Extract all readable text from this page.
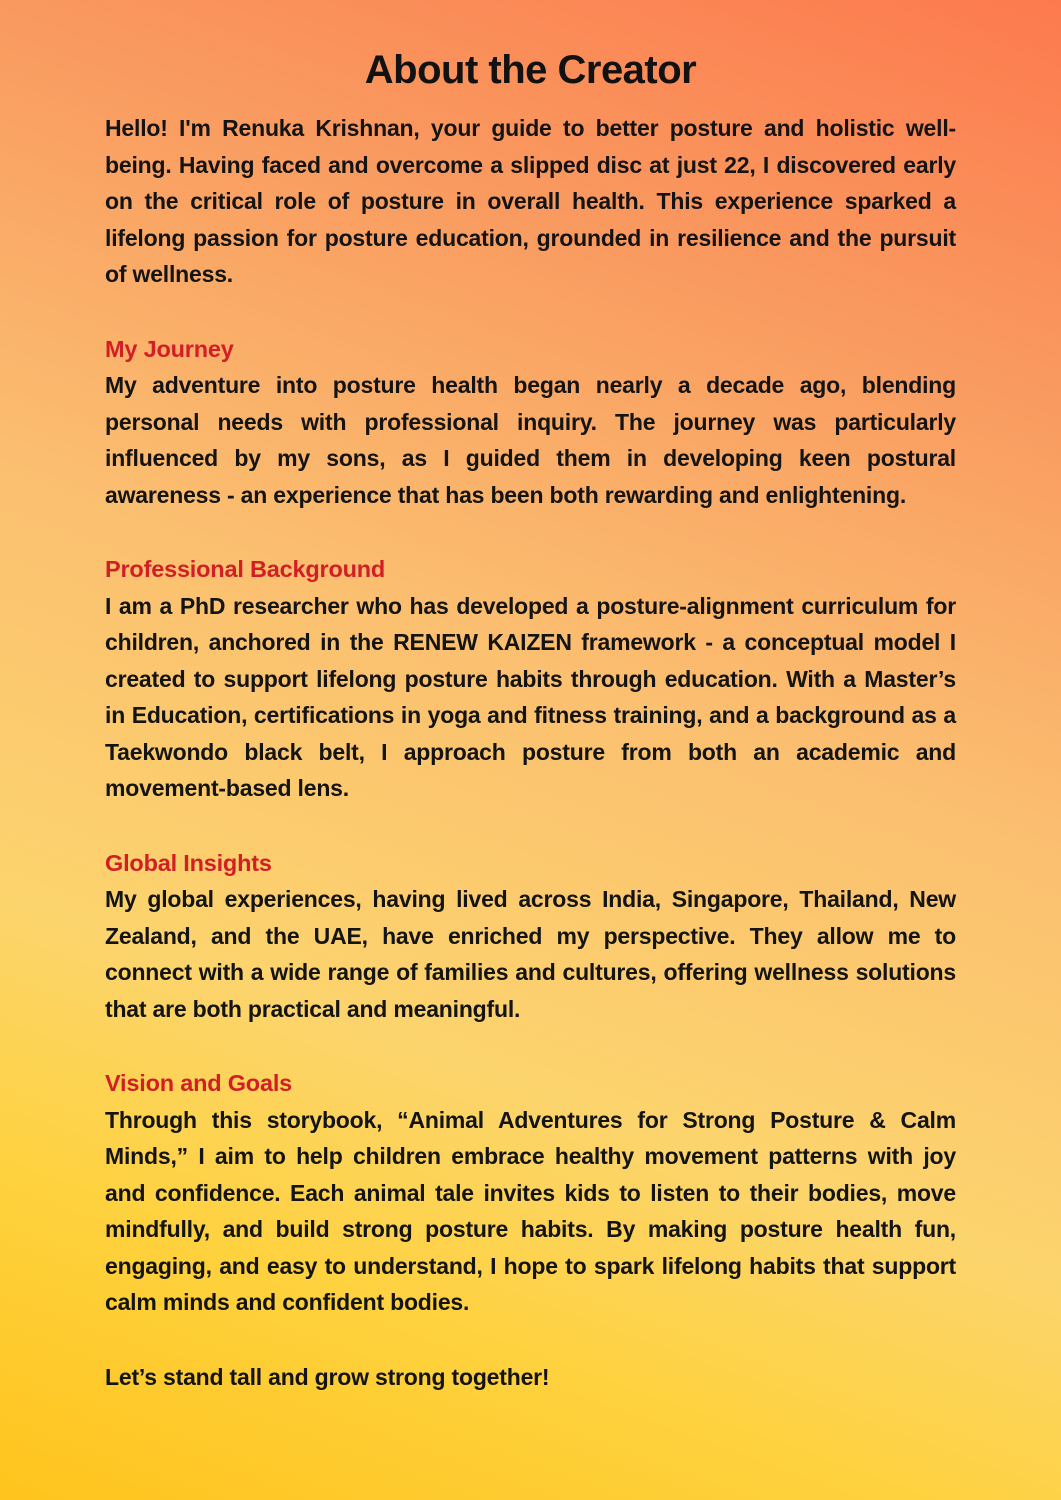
About the Creator

Hello! I'm Renuka Krishnan, your guide to better posture and holistic well-being. Having faced and overcome a slipped disc at just 22, I discovered early on the critical role of posture in overall health. This experience sparked a lifelong passion for posture education, grounded in resilience and the pursuit of wellness.

My Journey

My adventure into posture health began nearly a decade ago, blending personal needs with professional inquiry. The journey was particularly influenced by my sons, as I guided them in developing keen postural awareness - an experience that has been both rewarding and enlightening.

Professional Background

I am a PhD researcher who has developed a posture-alignment curriculum for children, anchored in the RENEW KAIZEN framework - a conceptual model I created to support lifelong posture habits through education. With a Master’s in Education, certifications in yoga and fitness training, and a background as a Taekwondo black belt, I approach posture from both an academic and movement-based lens.

Global Insights

My global experiences, having lived across India, Singapore, Thailand, New Zealand, and the UAE, have enriched my perspective. They allow me to connect with a wide range of families and cultures, offering wellness solutions that are both practical and meaningful.

Vision and Goals

Through this storybook, “Animal Adventures for Strong Posture & Calm Minds,” I aim to help children embrace healthy movement patterns with joy and confidence. Each animal tale invites kids to listen to their bodies, move mindfully, and build strong posture habits. By making posture health fun, engaging, and easy to understand, I hope to spark lifelong habits that support calm minds and confident bodies.

Let’s stand tall and grow strong together!
